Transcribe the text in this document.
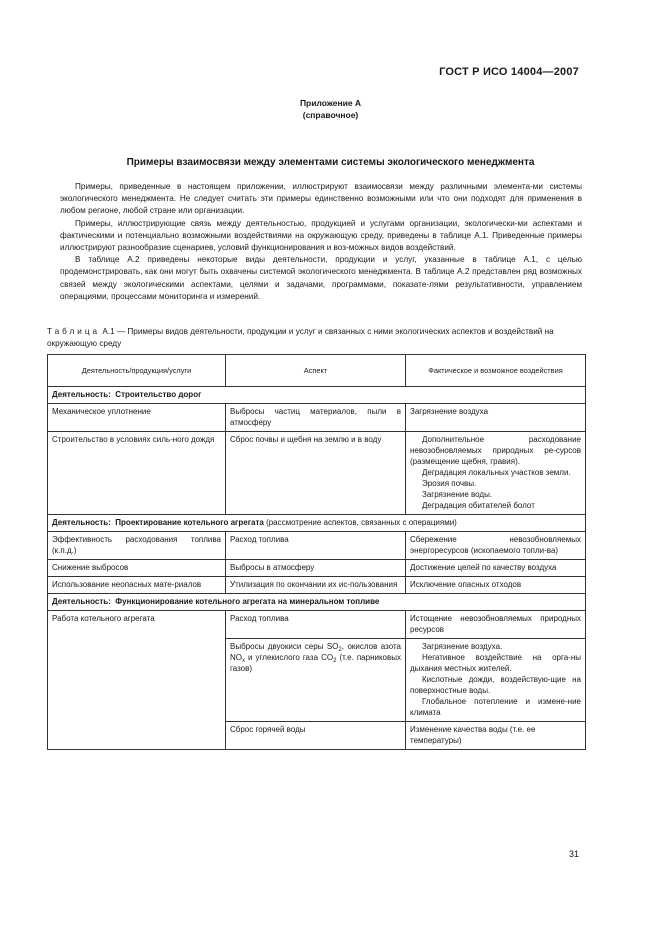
ГОСТ Р ИСО 14004—2007
Приложение А
(справочное)
Примеры взаимосвязи между элементами системы экологического менеджмента

Примеры, приведенные в настоящем приложении, иллюстрируют взаимосвязи между различными элемента-ми системы экологического менеджмента. Не следует считать эти примеры единственно возможными или что они подходят для применения в любом регионе, любой стране или организации.

Примеры, иллюстрирующие связь между деятельностью, продукцией и услугами организации, экологически-ми аспектами и фактическими и потенциально возможными воздействиями на окружающую среду, приведены в таблице А.1. Приведенные примеры иллюстрируют разнообразие сценариев, условий функционирования и воз-можных видов воздействий.

В таблице А.2 приведены некоторые виды деятельности, продукции и услуг, указанные в таблице А.1, с целью продемонстрировать, как они могут быть охвачены системой экологического менеджмента. В таблице А.2 представлен ряд возможных связей между экологическими аспектами, целями и задачами, программами, показате-лями результативности, управлением операциями, процессами мониторинга и измерений.

Таблица А.1 — Примеры видов деятельности, продукции и услуг и связанных с ними экологических аспектов и воздействий на окружающую среду
Деятельность/продукция/услуги	Аспект	Фактическое и возможное воздействия
Деятельность: Строительство дорог		
Механическое уплотнение	Выбросы частиц материалов, пыли в атмосферу	Загрязнение воздуха
Строительство в условиях силь-ного дождя	Сброс почвы и щебня на землю и в воду	Дополнительное расходование невозобновляемых природных ре-сурсов (размещение щебня, гравия).
Деградация локальных участков земли.
Эрозия почвы.
Загрязнение воды.
Деградация обитателей болот

Деятельность: Проектирование котельного агрегата (рассмотрение аспектов, связанных с операциями)		
Эффективность расходования топлива (к.п.д.)	Расход топлива	Сбережение невозобновляемых энергоресурсов (ископаемого топли-ва)
Снижение выбросов	Выбросы в атмосферу	Достижение целей по качеству воздуха
Использование неопасных мате-риалов	Утилизация по окончании их ис-пользования	Исключение опасных отходов
Деятельность: Функционирование котельного агрегата на минеральном топливе		
Работа котельного агрегата	Расход топлива	Истощение невозобновляемых природных ресурсов
	Выбросы двуокиси серы $SO_2$, окислов азота $NO_x$ и углекислого газа $CO_2$ (т.е. парниковых газов)	Загрязнение воздуха.
Негативное воздействие на орга-ны дыхания местных жителей.
Кислотные дожди, воздействую-щие на поверхностные воды.
Глобальное потепление и измене-ние климата

	Сброс горячей воды	Изменение качества воды (т.е. ее температуры)
31
